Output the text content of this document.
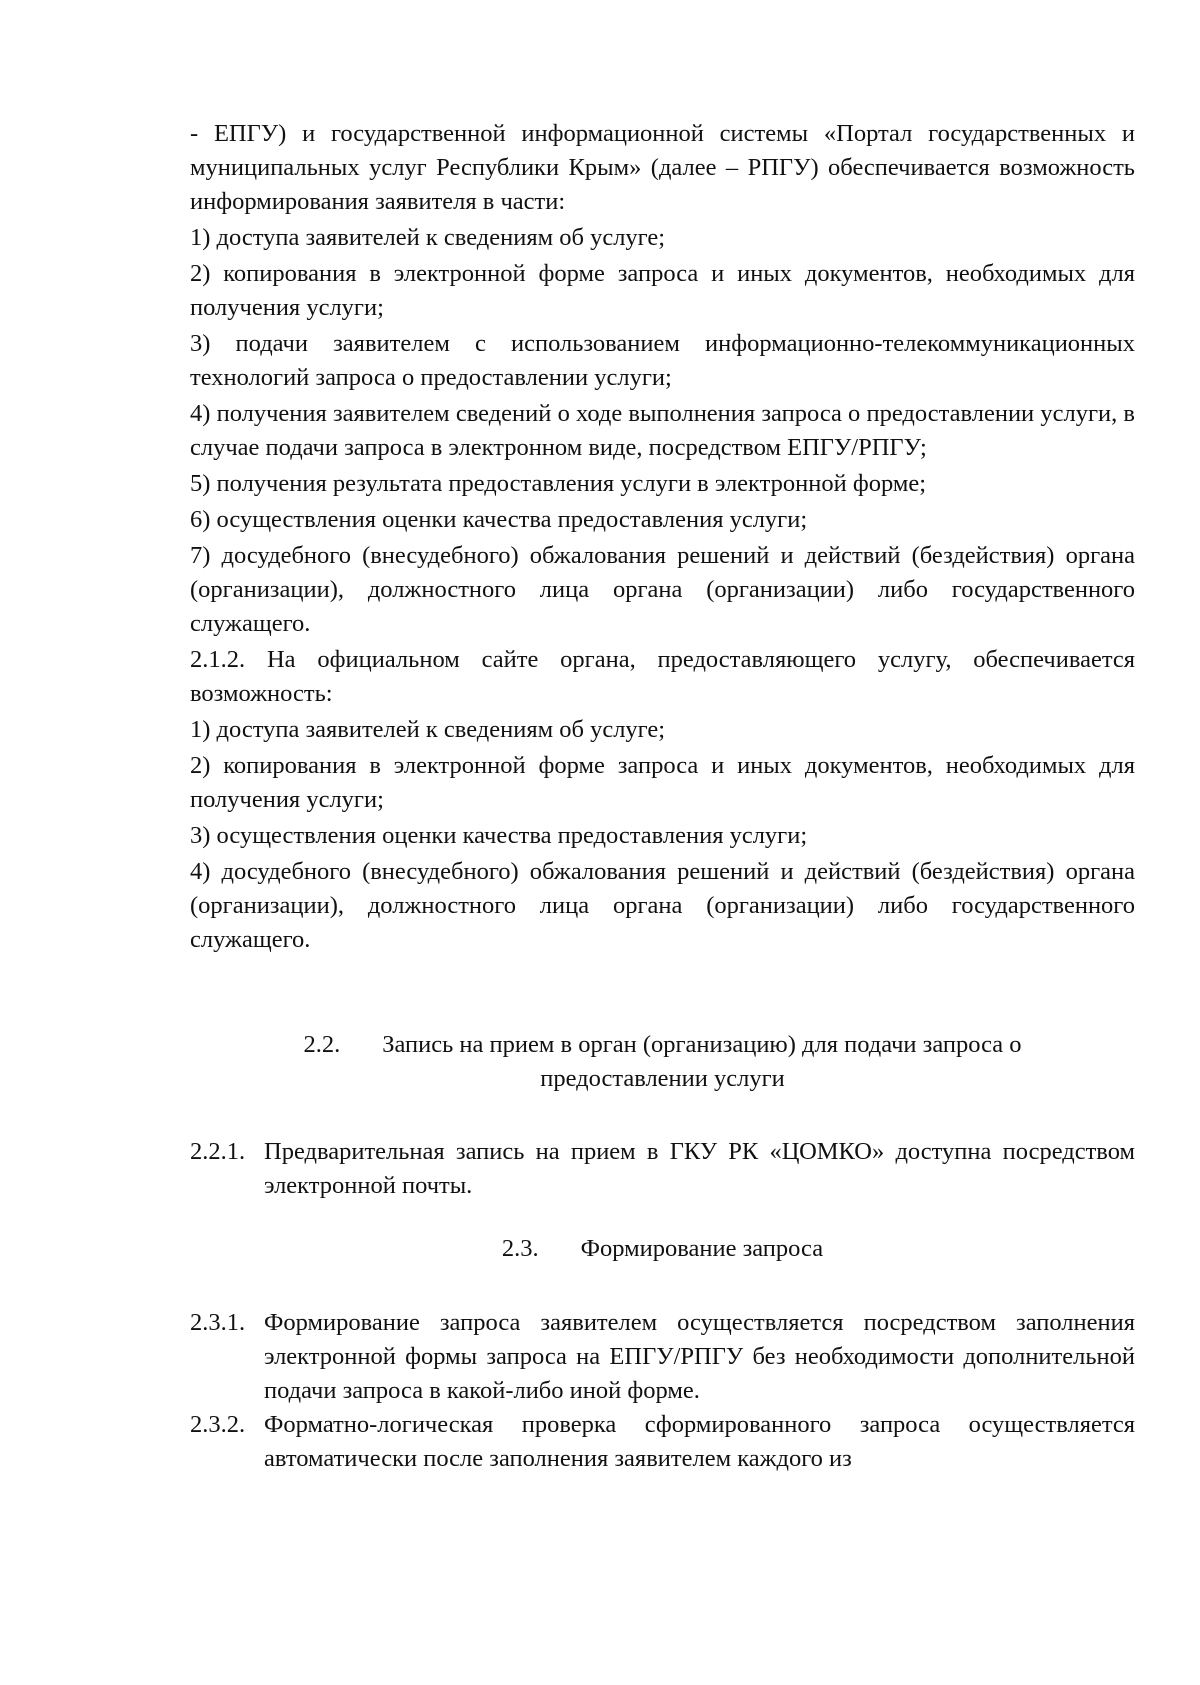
- ЕПГУ) и государственной информационной системы «Портал государственных и муниципальных услуг Республики Крым» (далее – РПГУ) обеспечивается возможность информирования заявителя в части:

1) доступа заявителей к сведениям об услуге;

2) копирования в электронной форме запроса и иных документов, необходимых для получения услуги;

3) подачи заявителем с использованием информационно-телекоммуникационных технологий запроса о предоставлении услуги;

4) получения заявителем сведений о ходе выполнения запроса о предоставлении услуги, в случае подачи запроса в электронном виде, посредством ЕПГУ/РПГУ;

5) получения результата предоставления услуги в электронной форме;

6) осуществления оценки качества предоставления услуги;

7) досудебного (внесудебного) обжалования решений и действий (бездействия) органа (организации), должностного лица органа (организации) либо государственного служащего.

2.1.2. На официальном сайте органа, предоставляющего услугу, обеспечивается возможность:

1) доступа заявителей к сведениям об услуге;

2) копирования в электронной форме запроса и иных документов, необходимых для получения услуги;

3) осуществления оценки качества предоставления услуги;

4) досудебного (внесудебного) обжалования решений и действий (бездействия) органа (организации), должностного лица органа (организации) либо государственного служащего.

2.2. Запись на прием в орган (организацию) для подачи запроса о

предоставлении услуги

2.2.1. Предварительная запись на прием в ГКУ РК «ЦОМКО» доступна посредством электронной почты.

2.3. Формирование запроса

2.3.1. Формирование запроса заявителем осуществляется посредством заполнения электронной формы запроса на ЕПГУ/РПГУ без необходимости дополнительной подачи запроса в какой-либо иной форме.
2.3.2. Форматно-логическая проверка сформированного запроса осуществляется автоматически после заполнения заявителем каждого из
